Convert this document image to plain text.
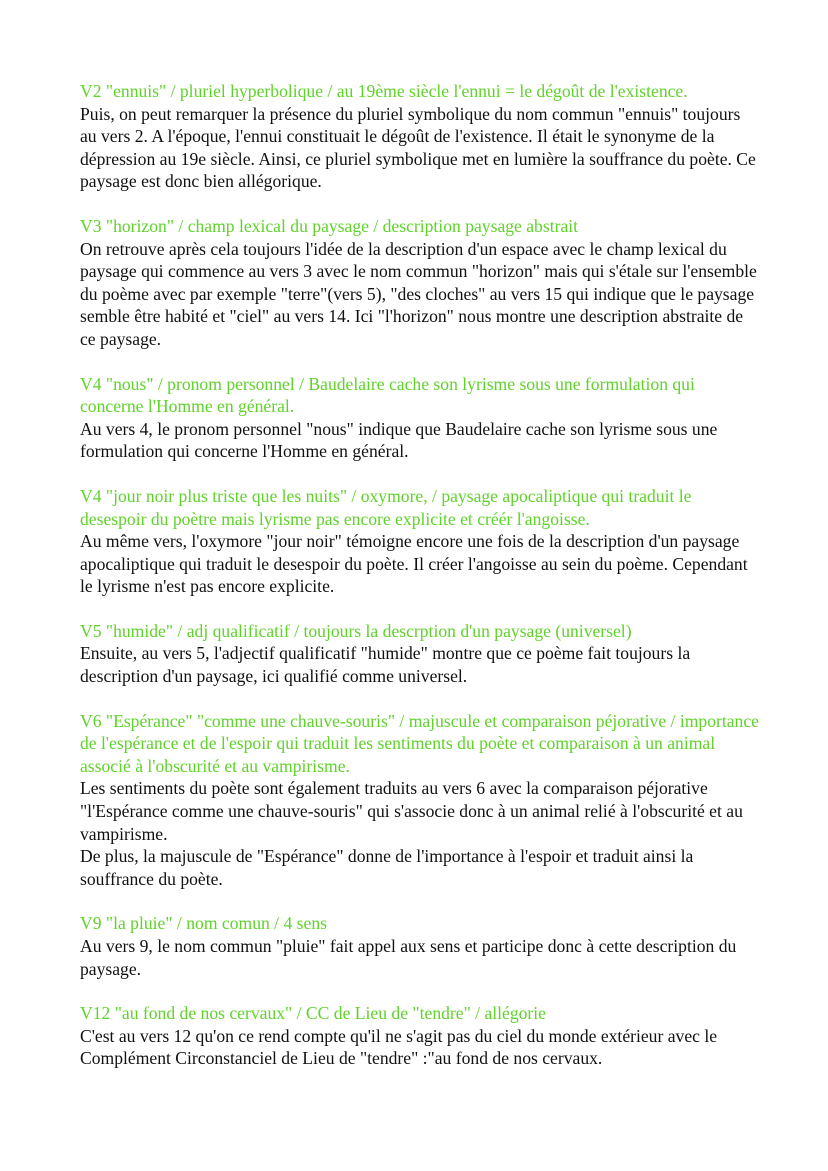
V2 "ennuis" / pluriel hyperbolique / au 19ème siècle l'ennui = le dégoût de l'existence.

Puis, on peut remarquer la présence du pluriel symbolique du nom commun "ennuis" toujours au vers 2. A l'époque, l'ennui constituait le dégoût de l'existence. Il était le synonyme de la dépression au 19e siècle. Ainsi, ce pluriel symbolique met en lumière la souffrance du poète. Ce paysage est donc bien allégorique.

V3 "horizon" / champ lexical du paysage / description paysage abstrait

On retrouve après cela toujours l'idée de la description d'un espace avec le champ lexical du paysage qui commence au vers 3 avec le nom commun "horizon" mais qui s'étale sur l'ensemble du poème avec par exemple "terre"(vers 5), "des cloches" au vers 15 qui indique que le paysage semble être habité et "ciel" au vers 14. Ici "l'horizon" nous montre une description abstraite de ce paysage.

V4 "nous" / pronom personnel / Baudelaire cache son lyrisme sous une formulation qui concerne l'Homme en général.

Au vers 4, le pronom personnel "nous" indique que Baudelaire cache son lyrisme sous une formulation qui concerne l'Homme en général.

V4 "jour noir plus triste que les nuits" / oxymore, / paysage apocaliptique qui traduit le desespoir du poètre mais lyrisme pas encore explicite et créér l'angoisse.

Au même vers, l'oxymore "jour noir" témoigne encore une fois de la description d'un paysage apocaliptique qui traduit le desespoir du poète. Il créer l'angoisse au sein du poème. Cependant le lyrisme n'est pas encore explicite.

V5 "humide" / adj qualificatif / toujours la descrption d'un paysage (universel)

Ensuite, au vers 5, l'adjectif qualificatif "humide" montre que ce poème fait toujours la description d'un paysage, ici qualifié comme universel.

V6 "Espérance" "comme une chauve-souris" / majuscule et comparaison péjorative / importance de l'espérance et de l'espoir qui traduit les sentiments du poète et comparaison à un animal associé à l'obscurité et au vampirisme.

Les sentiments du poète sont également traduits au vers 6 avec la comparaison péjorative "l'Espérance comme une chauve-souris" qui s'associe donc à un animal relié à l'obscurité et au vampirisme.

De plus, la majuscule de "Espérance" donne de l'importance à l'espoir et traduit ainsi la souffrance du poète.

V9 "la pluie" / nom comun / 4 sens

Au vers 9, le nom commun "pluie" fait appel aux sens et participe donc à cette description du paysage.

V12 "au fond de nos cervaux" / CC de Lieu de "tendre" / allégorie

C'est au vers 12 qu'on ce rend compte qu'il ne s'agit pas du ciel du monde extérieur avec le Complément Circonstanciel de Lieu de "tendre" :"au fond de nos cervaux.
